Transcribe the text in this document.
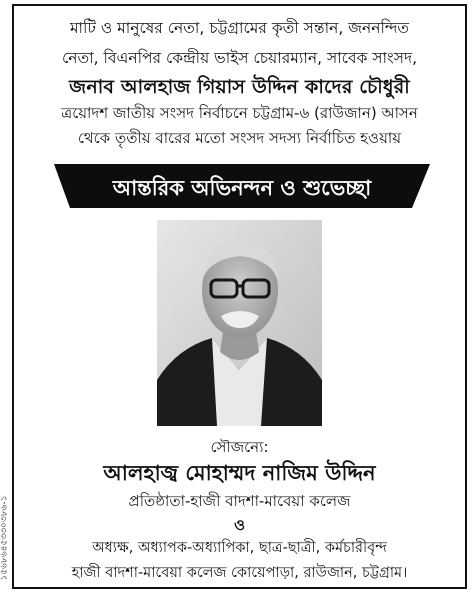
মাটি ও মানুষের নেতা, চট্টগ্রামের কৃতী সন্তান, জননন্দিত
নেতা, বিএনপির কেন্দ্রীয় ভাইস চেয়ারম্যান, সাবেক সাংসদ,
জনাব আলহাজ গিয়াস উদ্দিন কাদের চৌধুরী
ত্রয়োদশ জাতীয় সংসদ নির্বাচনে চট্টগ্রাম-৬ (রাউজান) আসন
থেকে তৃতীয় বারের মতো সংসদ সদস্য নির্বাচিত হওয়ায়
আন্তরিক অভিনন্দন ও শুভেচ্ছা
সৌজন্যে:
আলহাজ্ব মোহাম্মদ নাজিম উদ্দিন
প্রতিষ্ঠাতা-হাজী বাদশা-মাবেয়া কলেজ
ও
অধ্যক্ষ, অধ্যাপক-অধ্যাপিকা, ছাত্র-ছাত্রী, কর্মচারীবৃন্দ
হাজী বাদশা-মাবেয়া কলেজ কোয়েপাড়া, রাউজান, চট্টগ্রাম।
১৫৬৮৬৪৫৩৩০৩৮৬-১
